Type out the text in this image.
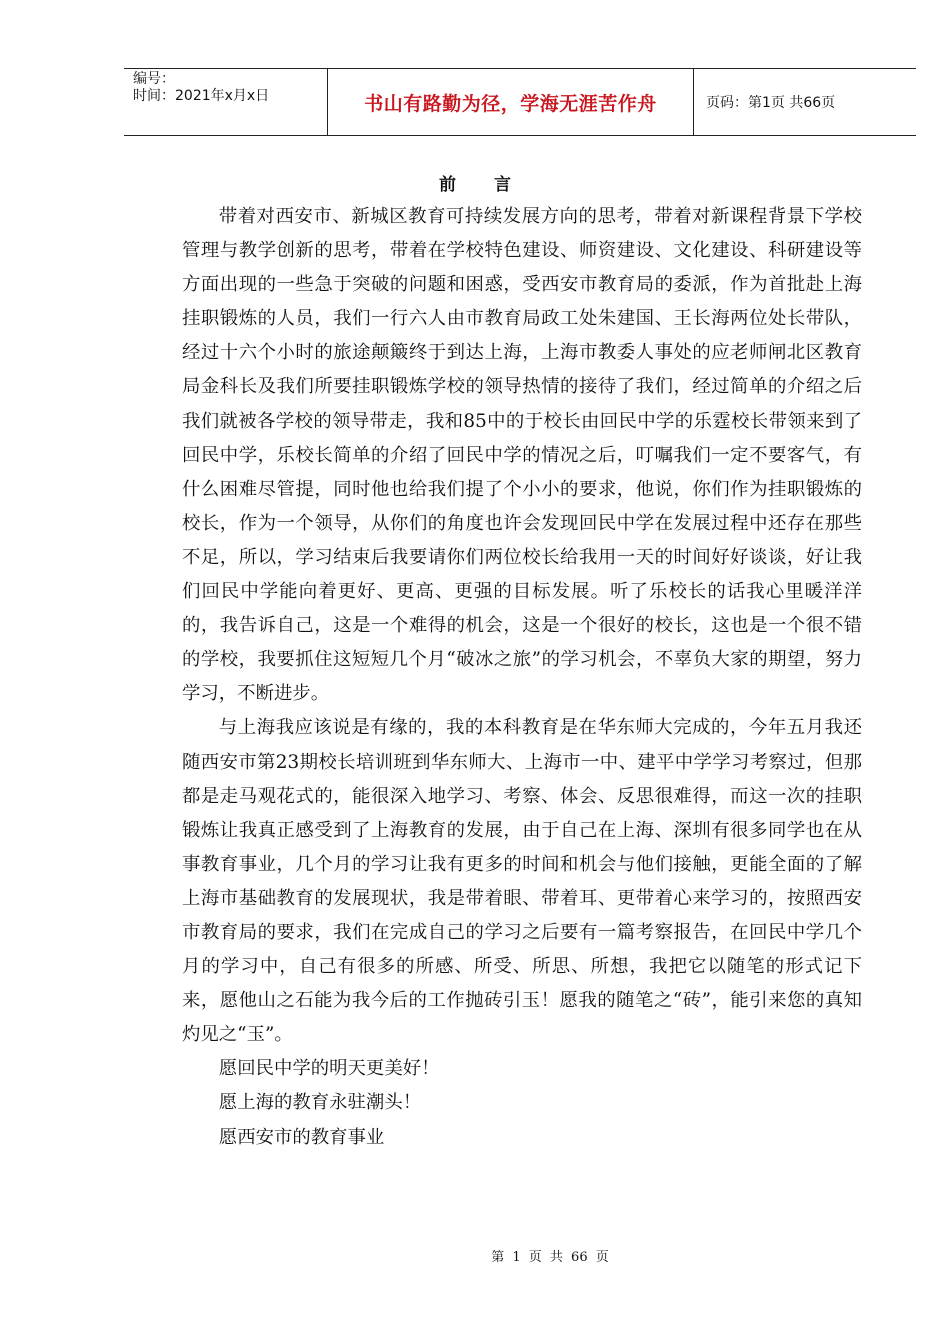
编号：
时间：2021年x月x日	书山有路勤为径，学海无涯苦作舟	页码：第1页 共66页
前 言

带着对西安市、新城区教育可持续发展方向的思考，带着对新课程背景下学校管理与教学创新的思考，带着在学校特色建设、师资建设、文化建设、科研建设等方面出现的一些急于突破的问题和困惑，受西安市教育局的委派，作为首批赴上海挂职锻炼的人员，我们一行六人由市教育局政工处朱建国、王长海两位处长带队，经过十六个小时的旅途颠簸终于到达上海，上海市教委人事处的应老师闸北区教育局金科长及我们所要挂职锻炼学校的领导热情的接待了我们，经过简单的介绍之后我们就被各学校的领导带走，我和85中的于校长由回民中学的乐霆校长带领来到了回民中学，乐校长简单的介绍了回民中学的情况之后，叮嘱我们一定不要客气，有什么困难尽管提，同时他也给我们提了个小小的要求，他说，你们作为挂职锻炼的校长，作为一个领导，从你们的角度也许会发现回民中学在发展过程中还存在那些不足，所以，学习结束后我要请你们两位校长给我用一天的时间好好谈谈，好让我们回民中学能向着更好、更高、更强的目标发展。听了乐校长的话我心里暖洋洋的，我告诉自己，这是一个难得的机会，这是一个很好的校长，这也是一个很不错的学校，我要抓住这短短几个月“破冰之旅”的学习机会，不辜负大家的期望，努力学习，不断进步。

与上海我应该说是有缘的，我的本科教育是在华东师大完成的，今年五月我还随西安市第23期校长培训班到华东师大、上海市一中、建平中学学习考察过，但那都是走马观花式的，能很深入地学习、考察、体会、反思很难得，而这一次的挂职锻炼让我真正感受到了上海教育的发展，由于自己在上海、深圳有很多同学也在从事教育事业，几个月的学习让我有更多的时间和机会与他们接触，更能全面的了解上海市基础教育的发展现状，我是带着眼、带着耳、更带着心来学习的，按照西安市教育局的要求，我们在完成自己的学习之后要有一篇考察报告，在回民中学几个月的学习中，自己有很多的所感、所受、所思、所想，我把它以随笔的形式记下来，愿他山之石能为我今后的工作抛砖引玉！愿我的随笔之“砖”，能引来您的真知灼见之“玉”。

愿回民中学的明天更美好！

愿上海的教育永驻潮头！

愿西安市的教育事业

第 1 页 共 66 页
